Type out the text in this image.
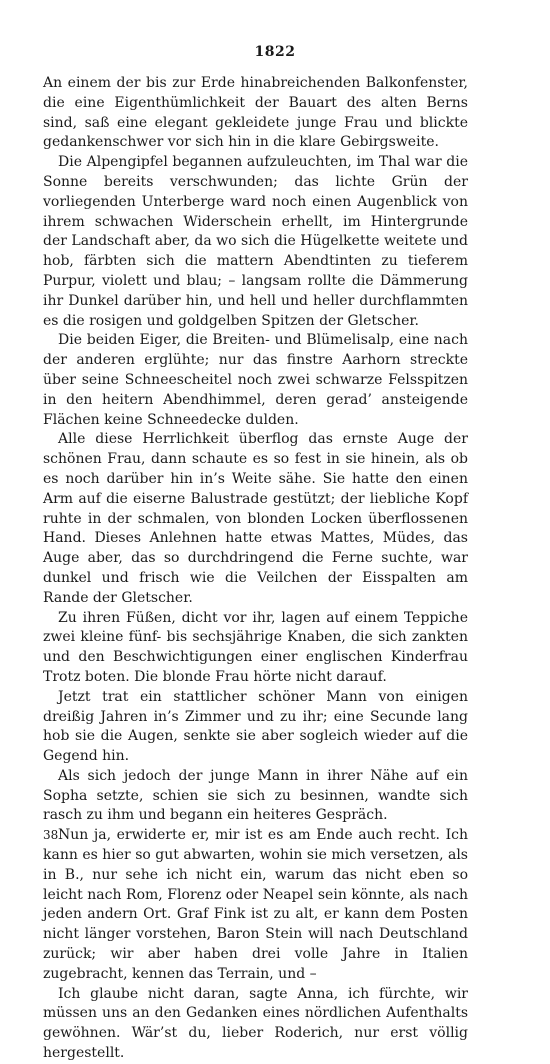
1822

An einem der bis zur Erde hinabreichenden Balkonfenster, die eine Eigenthümlichkeit der Bauart des alten Berns sind, saß eine elegant gekleidete junge Frau und blickte gedankenschwer vor sich hin in die klare Gebirgsweite.

Die Alpengipfel begannen aufzuleuchten, im Thal war die Sonne bereits verschwunden; das lichte Grün der vorliegenden Unterberge ward noch einen Augenblick von ihrem schwachen Widerschein erhellt, im Hintergrunde der Landschaft aber, da wo sich die Hügelkette weitete und hob, färbten sich die mattern Abendtinten zu tieferem Purpur, violett und blau; – langsam rollte die Dämmerung ihr Dunkel darüber hin, und hell und heller durchflammten es die rosigen und goldgelben Spitzen der Gletscher.

Die beiden Eiger, die Breiten- und Blümelisalp, eine nach der anderen erglühte; nur das finstre Aarhorn streckte über seine Schneescheitel noch zwei schwarze Felsspitzen in den heitern Abendhimmel, deren gerad’ ansteigende Flächen keine Schneedecke dulden.

Alle diese Herrlichkeit überflog das ernste Auge der schönen Frau, dann schaute es so fest in sie hinein, als ob es noch darüber hin in’s Weite sähe. Sie hatte den einen Arm auf die eiserne Balustrade gestützt; der liebliche Kopf ruhte in der schmalen, von blonden Locken überflossenen Hand. Dieses Anlehnen hatte etwas Mattes, Müdes, das Auge aber, das so durchdringend die Ferne suchte, war dunkel und frisch wie die Veilchen der Eisspalten am Rande der Gletscher.

Zu ihren Füßen, dicht vor ihr, lagen auf einem Teppiche zwei kleine fünf- bis sechsjährige Knaben, die sich zankten und den Beschwichtigungen einer englischen Kinderfrau Trotz boten. Die blonde Frau hörte nicht darauf.

Jetzt trat ein stattlicher schöner Mann von einigen dreißig Jahren in’s Zimmer und zu ihr; eine Secunde lang hob sie die Augen, senkte sie aber sogleich wieder auf die Gegend hin.

Als sich jedoch der junge Mann in ihrer Nähe auf ein Sopha setzte, schien sie sich zu besinnen, wandte sich rasch zu ihm und begann ein heiteres Gespräch.

Nun ja, erwiderte er, mir ist es am Ende auch recht. Ich kann es hier so gut abwarten, wohin sie mich versetzen, als in B., nur sehe ich nicht ein, warum das nicht eben so leicht nach Rom, Florenz oder Neapel sein könnte, als nach jeden andern Ort. Graf Fink ist zu alt, er kann dem Posten nicht länger vorstehen, Baron Stein will nach Deutschland zurück; wir aber haben drei volle Jahre in Italien zugebracht, kennen das Terrain, und –

Ich glaube nicht daran, sagte Anna, ich fürchte, wir müssen uns an den Gedanken eines nördlichen Aufenthalts gewöhnen. Wär’st du, lieber Roderich, nur erst völlig hergestellt.

38
